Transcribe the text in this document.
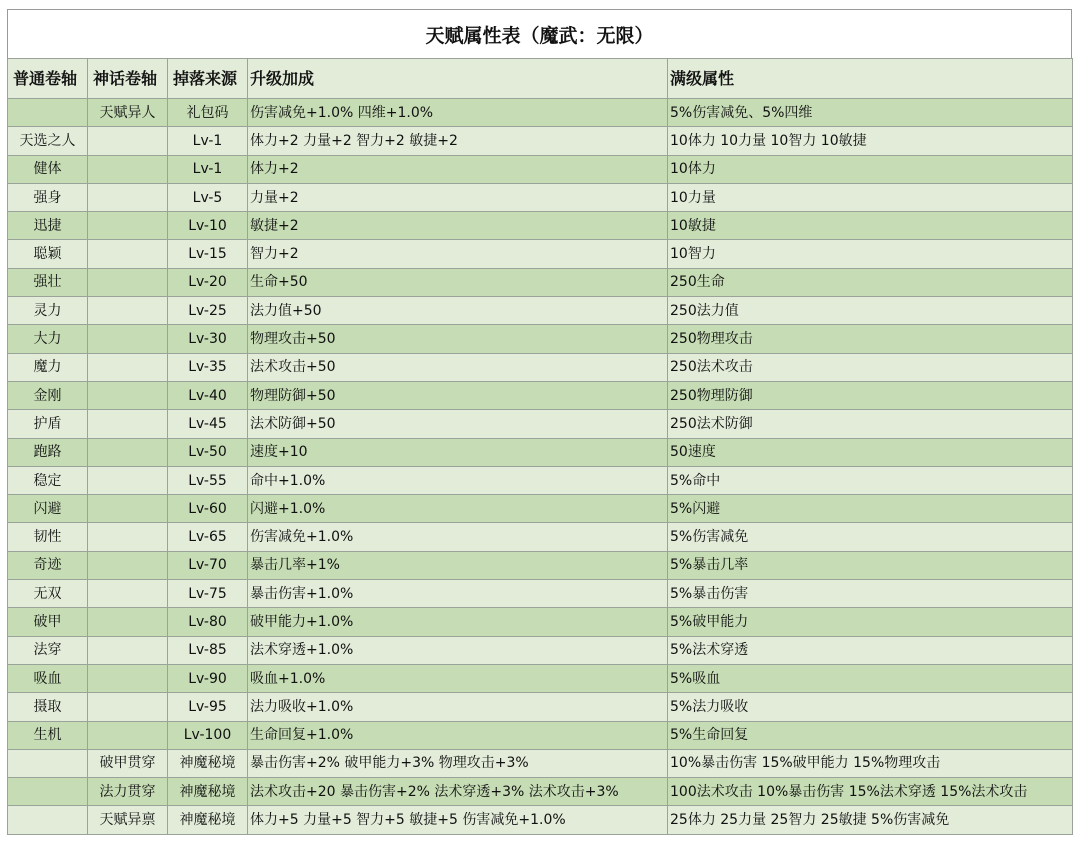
天赋属性表（魔武：无限）
普通卷轴	神话卷轴	掉落来源	升级加成	满级属性
	天赋异人	礼包码	伤害减免+1.0% 四维+1.0%	5%伤害减免、5%四维
天选之人		Lv-1	体力+2 力量+2 智力+2 敏捷+2	10体力 10力量 10智力 10敏捷
健体		Lv-1	体力+2	10体力
强身		Lv-5	力量+2	10力量
迅捷		Lv-10	敏捷+2	10敏捷
聪颖		Lv-15	智力+2	10智力
强壮		Lv-20	生命+50	250生命
灵力		Lv-25	法力值+50	250法力值
大力		Lv-30	物理攻击+50	250物理攻击
魔力		Lv-35	法术攻击+50	250法术攻击
金刚		Lv-40	物理防御+50	250物理防御
护盾		Lv-45	法术防御+50	250法术防御
跑路		Lv-50	速度+10	50速度
稳定		Lv-55	命中+1.0%	5%命中
闪避		Lv-60	闪避+1.0%	5%闪避
韧性		Lv-65	伤害减免+1.0%	5%伤害减免
奇迹		Lv-70	暴击几率+1%	5%暴击几率
无双		Lv-75	暴击伤害+1.0%	5%暴击伤害
破甲		Lv-80	破甲能力+1.0%	5%破甲能力
法穿		Lv-85	法术穿透+1.0%	5%法术穿透
吸血		Lv-90	吸血+1.0%	5%吸血
摄取		Lv-95	法力吸收+1.0%	5%法力吸收
生机		Lv-100	生命回复+1.0%	5%生命回复
	破甲贯穿	神魔秘境	暴击伤害+2% 破甲能力+3% 物理攻击+3%	10%暴击伤害 15%破甲能力 15%物理攻击
	法力贯穿	神魔秘境	法术攻击+20 暴击伤害+2% 法术穿透+3% 法术攻击+3%	100法术攻击 10%暴击伤害 15%法术穿透 15%法术攻击
	天赋异禀	神魔秘境	体力+5 力量+5 智力+5 敏捷+5 伤害减免+1.0%	25体力 25力量 25智力 25敏捷 5%伤害减免
